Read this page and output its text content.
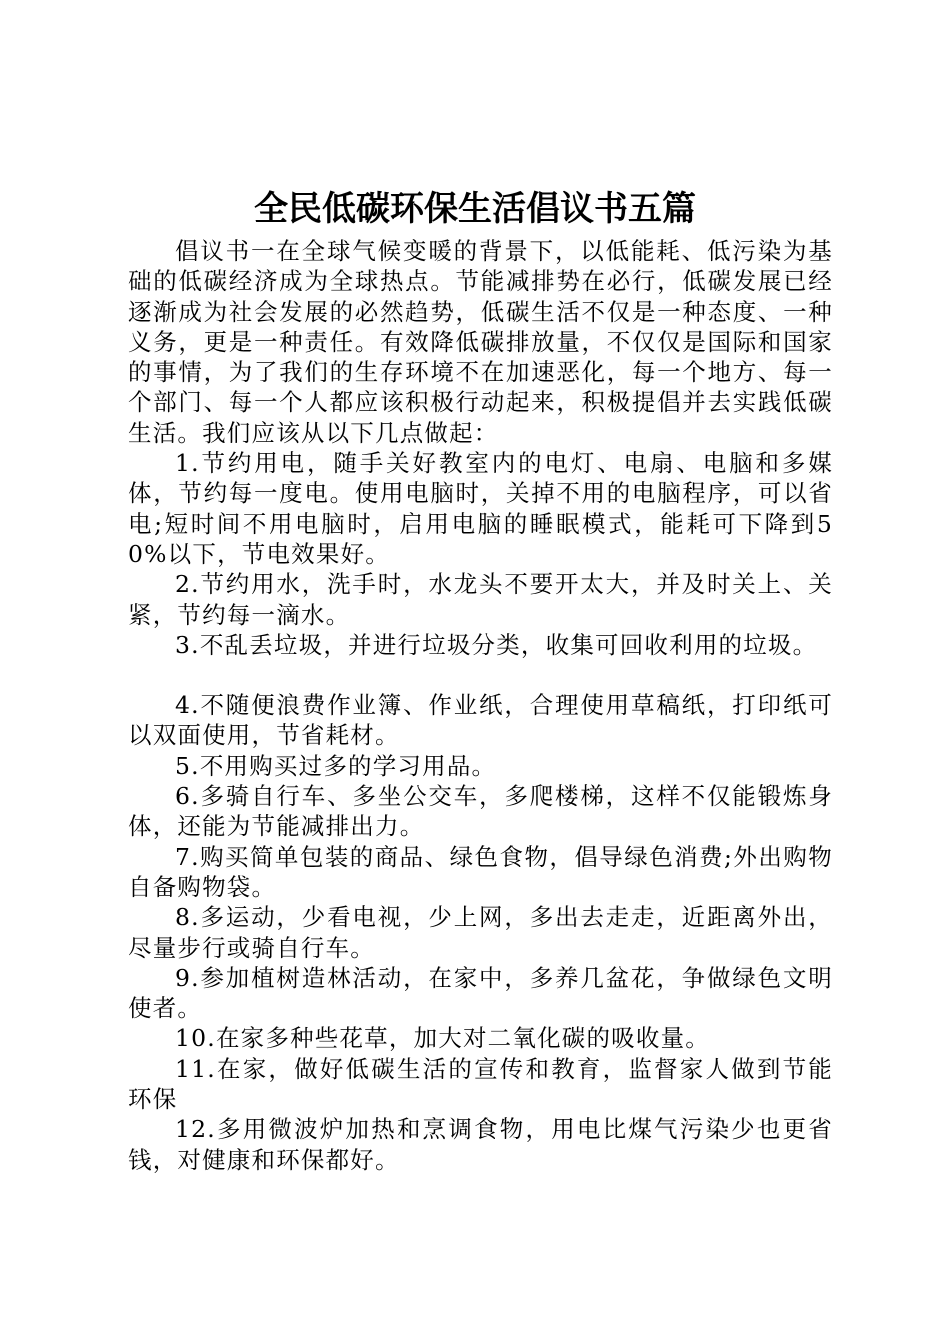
全民低碳环保生活倡议书五篇

倡议书一在全球气候变暖的背景下，以低能耗、低污染为基础的低碳经济成为全球热点。节能减排势在必行，低碳发展已经逐渐成为社会发展的必然趋势，低碳生活不仅是一种态度、一种义务，更是一种责任。有效降低碳排放量，不仅仅是国际和国家的事情，为了我们的生存环境不在加速恶化，每一个地方、每一个部门、每一个人都应该积极行动起来，积极提倡并去实践低碳生活。我们应该从以下几点做起：

1.节约用电，随手关好教室内的电灯、电扇、电脑和多媒体，节约每一度电。使用电脑时，关掉不用的电脑程序，可以省电;短时间不用电脑时，启用电脑的睡眠模式，能耗可下降到50%以下，节电效果好。

2.节约用水，洗手时，水龙头不要开太大，并及时关上、关紧，节约每一滴水。

3.不乱丢垃圾，并进行垃圾分类，收集可回收利用的垃圾。

4.不随便浪费作业簿、作业纸，合理使用草稿纸，打印纸可以双面使用，节省耗材。

5.不用购买过多的学习用品。

6.多骑自行车、多坐公交车，多爬楼梯，这样不仅能锻炼身体，还能为节能减排出力。

7.购买简单包装的商品、绿色食物，倡导绿色消费;外出购物自备购物袋。

8.多运动，少看电视，少上网，多出去走走，近距离外出，尽量步行或骑自行车。

9.参加植树造林活动，在家中，多养几盆花，争做绿色文明使者。

10.在家多种些花草，加大对二氧化碳的吸收量。

11.在家，做好低碳生活的宣传和教育，监督家人做到节能环保

12.多用微波炉加热和烹调食物，用电比煤气污染少也更省钱，对健康和环保都好。
